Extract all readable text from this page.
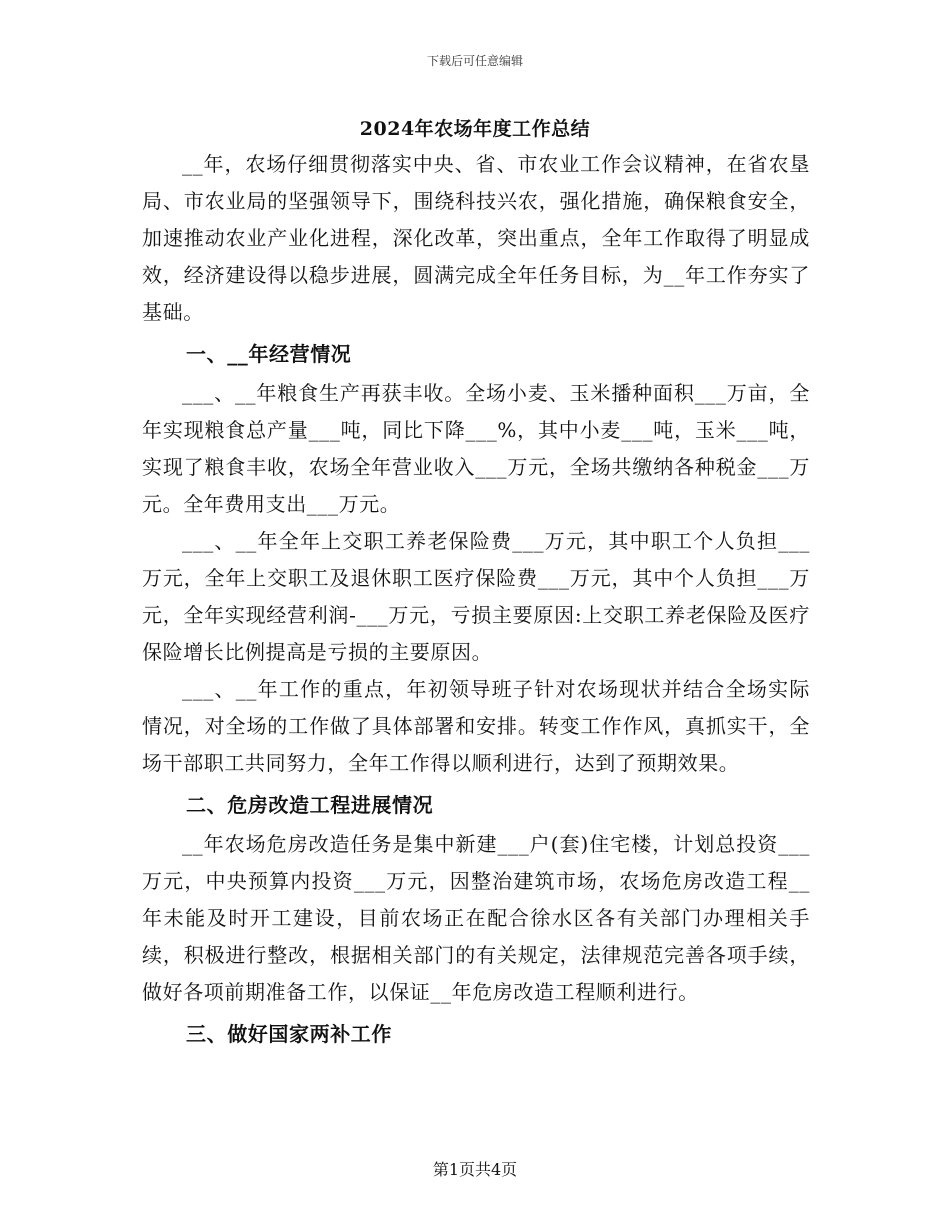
下载后可任意编辑
2024年农场年度工作总结

__年，农场仔细贯彻落实中央、省、市农业工作会议精神，在省农垦局、市农业局的坚强领导下，围绕科技兴农，强化措施，确保粮食安全，加速推动农业产业化进程，深化改革，突出重点，全年工作取得了明显成效，经济建设得以稳步进展，圆满完成全年任务目标，为__年工作夯实了基础。

一、__年经营情况

___、__年粮食生产再获丰收。全场小麦、玉米播种面积___万亩，全年实现粮食总产量___吨，同比下降___%，其中小麦___吨，玉米___吨，实现了粮食丰收，农场全年营业收入___万元，全场共缴纳各种税金___万元。全年费用支出___万元。

___、__年全年上交职工养老保险费___万元，其中职工个人负担___万元，全年上交职工及退休职工医疗保险费___万元，其中个人负担___万元，全年实现经营利润-___万元，亏损主要原因:上交职工养老保险及医疗保险增长比例提高是亏损的主要原因。

___、__年工作的重点，年初领导班子针对农场现状并结合全场实际情况，对全场的工作做了具体部署和安排。转变工作作风，真抓实干，全场干部职工共同努力，全年工作得以顺利进行，达到了预期效果。

二、危房改造工程进展情况

__年农场危房改造任务是集中新建___户(套)住宅楼，计划总投资___万元，中央预算内投资___万元，因整治建筑市场，农场危房改造工程__年未能及时开工建设，目前农场正在配合徐水区各有关部门办理相关手续，积极进行整改，根据相关部门的有关规定，法律规范完善各项手续，做好各项前期准备工作，以保证__年危房改造工程顺利进行。

三、做好国家两补工作

第1页共4页
